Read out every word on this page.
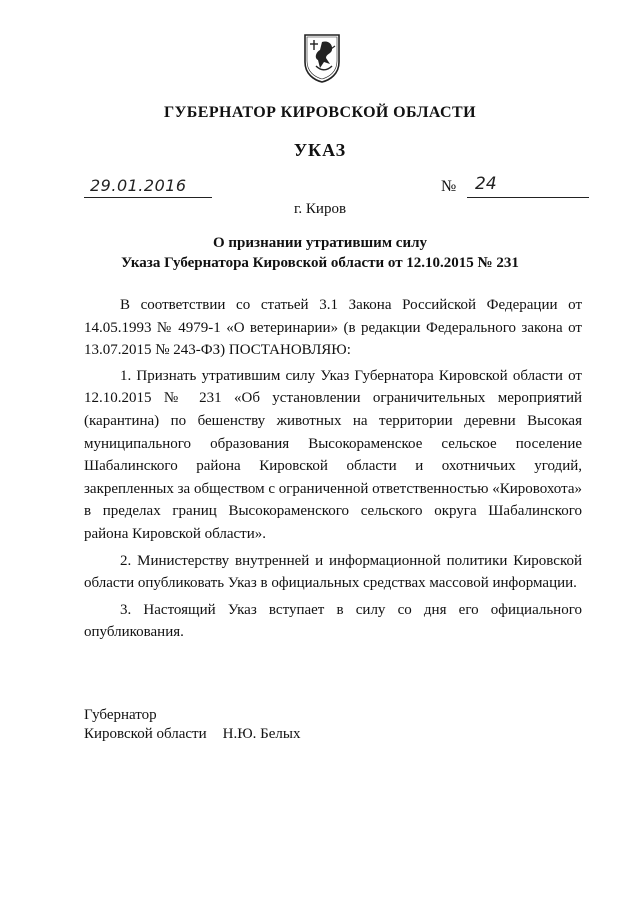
ГУБЕРНАТОР КИРОВСКОЙ ОБЛАСТИ
УКАЗ
29.01.2016	№ 24
г. Киров
О признании утратившим силу
Указа Губернатора Кировской области от 12.10.2015 № 231

В соответствии со статьей 3.1 Закона Российской Федерации от 14.05.1993 № 4979-1 «О ветеринарии» (в редакции Федерального закона от 13.07.2015 № 243-ФЗ) ПОСТАНОВЛЯЮ:

1. Признать утратившим силу Указ Губернатора Кировской области от 12.10.2015 № 231 «Об установлении ограничительных мероприятий (карантина) по бешенству животных на территории деревни Высокая муниципального образования Высокораменское сельское поселение Шабалинского района Кировской области и охотничьих угодий, закрепленных за обществом с ограниченной ответственностью «Кировохота» в пределах границ Высокораменского сельского округа Шабалинского района Кировской области».

2. Министерству внутренней и информационной политики Кировской области опубликовать Указ в официальных средствах массовой информации.

3. Настоящий Указ вступает в силу со дня его официального опубликования.

Губернатор
Кировской области Н.Ю. Белых
